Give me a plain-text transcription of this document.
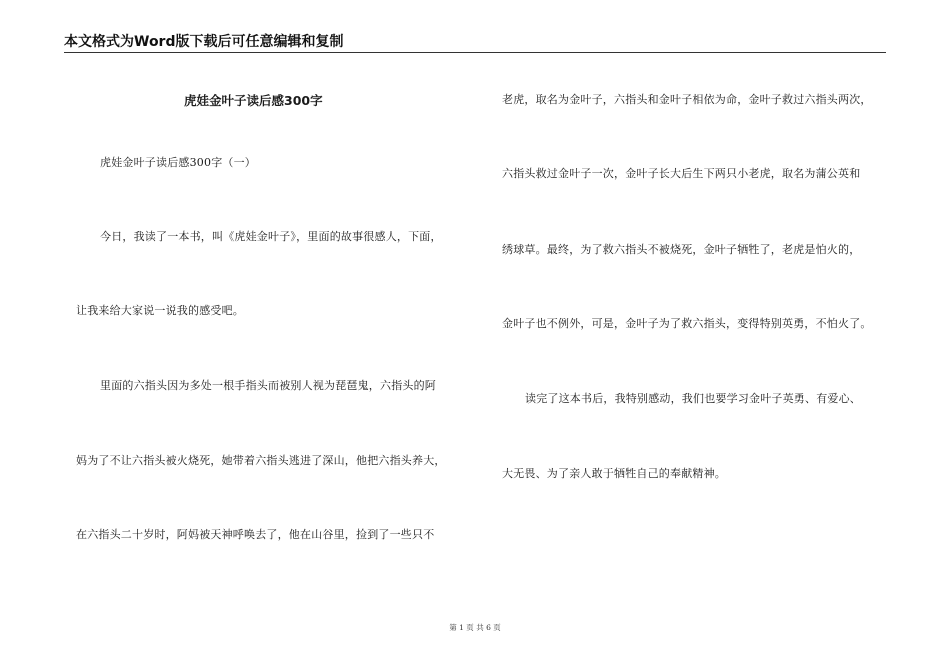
本文格式为Word版下载后可任意编辑和复制
虎娃金叶子读后感300字
虎娃金叶子读后感300字（一）
今日，我读了一本书，叫《虎娃金叶子》，里面的故事很感人，下面，
让我来给大家说一说我的感受吧。
里面的六指头因为多处一根手指头而被别人视为琵琶鬼，六指头的阿
妈为了不让六指头被火烧死，她带着六指头逃进了深山，他把六指头养大，
在六指头二十岁时，阿妈被天神呼唤去了，他在山谷里，捡到了一些只不
老虎，取名为金叶子，六指头和金叶子相依为命，金叶子救过六指头两次，
六指头救过金叶子一次，金叶子长大后生下两只小老虎，取名为蒲公英和
绣球草。最终，为了救六指头不被烧死，金叶子牺牲了，老虎是怕火的，
金叶子也不例外，可是，金叶子为了救六指头，变得特别英勇，不怕火了。
读完了这本书后，我特别感动，我们也要学习金叶子英勇、有爱心、
大无畏、为了亲人敢于牺牲自己的奉献精神。
第 1 页 共 6 页
